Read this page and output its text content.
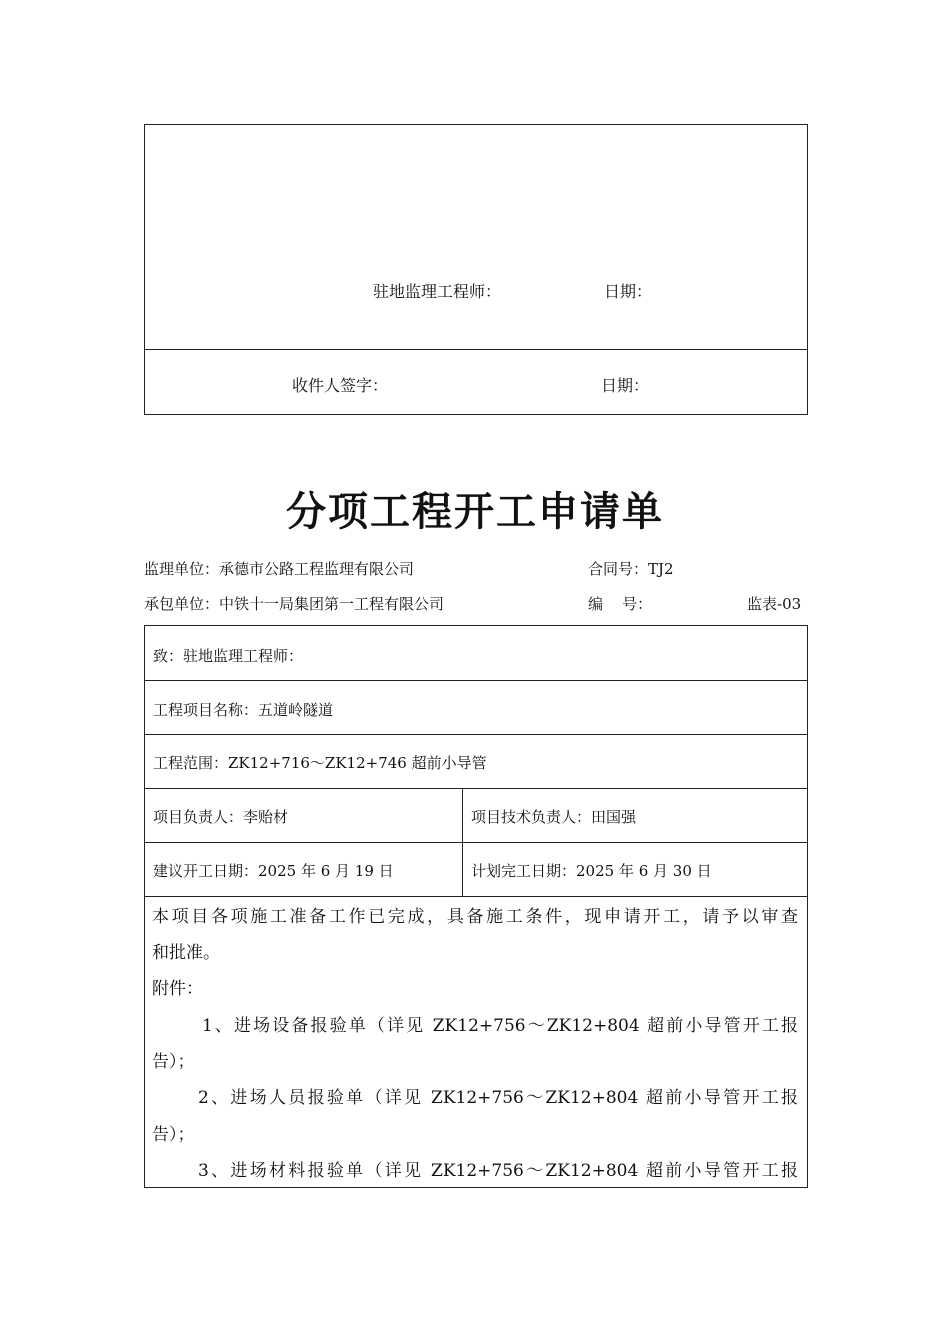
驻地监理工程师：	日期：
收件人签字：	日期：
分项工程开工申请单
监理单位：承德市公路工程监理有限公司	合同号：TJ2
承包单位：中铁十一局集团第一工程有限公司	编    号：	监表-03
致：驻地监理工程师：
工程项目名称：五道岭隧道
工程范围：ZK12+716～ZK12+746 超前小导管
项目负责人：李贻材	项目技术负责人：田国强
建议开工日期：2025 年 6 月 19 日	计划完工日期：2025 年 6 月 30 日
本项目各项施工准备工作已完成，具备施工条件，现申请开工，请予以审查
和批准。
附件：
1、进场设备报验单（详见 ZK12+756～ZK12+804 超前小导管开工报
告）；
2、进场人员报验单（详见 ZK12+756～ZK12+804 超前小导管开工报
告）；
3、进场材料报验单（详见 ZK12+756～ZK12+804 超前小导管开工报
